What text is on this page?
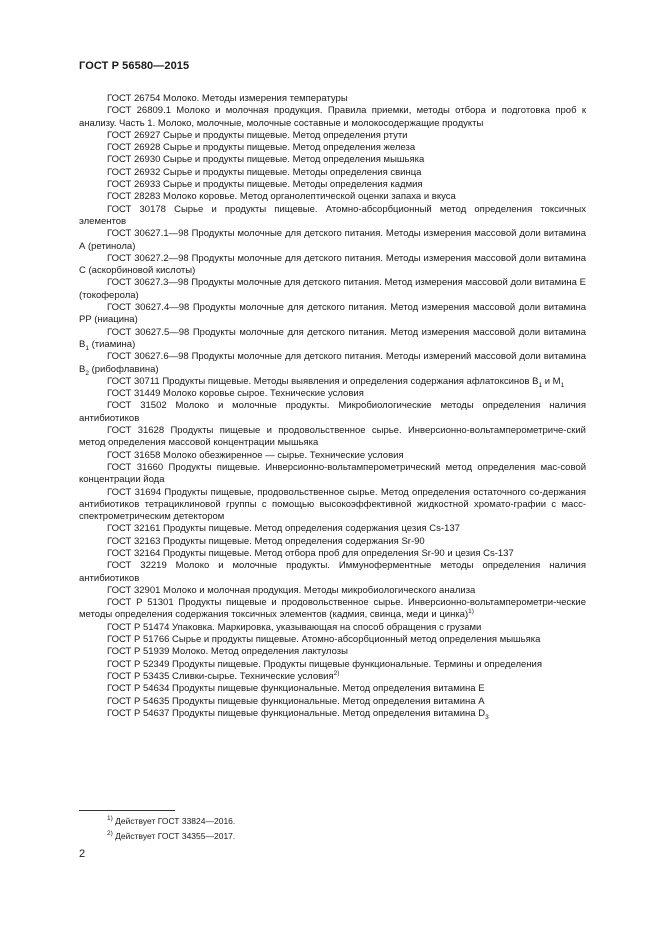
ГОСТ Р 56580—2015
ГОСТ 26754 Молоко. Методы измерения температуры
ГОСТ 26809.1 Молоко и молочная продукция. Правила приемки, методы отбора и подготовка проб к анализу. Часть 1. Молоко, молочные, молочные составные и молокосодержащие продукты
ГОСТ 26927 Сырье и продукты пищевые. Метод определения ртути
ГОСТ 26928 Сырье и продукты пищевые. Метод определения железа
ГОСТ 26930 Сырье и продукты пищевые. Метод определения мышьяка
ГОСТ 26932 Сырье и продукты пищевые. Методы определения свинца
ГОСТ 26933 Сырье и продукты пищевые. Методы определения кадмия
ГОСТ 28283 Молоко коровье. Метод органолептической оценки запаха и вкуса
ГОСТ 30178 Сырье и продукты пищевые. Атомно-абсорбционный метод определения токсичных элементов
ГОСТ 30627.1—98 Продукты молочные для детского питания. Методы измерения массовой доли витамина А (ретинола)
ГОСТ 30627.2—98 Продукты молочные для детского питания. Методы измерения массовой доли витамина С (аскорбиновой кислоты)
ГОСТ 30627.3—98 Продукты молочные для детского питания. Метод измерения массовой доли витамина Е (токоферола)
ГОСТ 30627.4—98 Продукты молочные для детского питания. Метод измерения массовой доли витамина РР (ниацина)
ГОСТ 30627.5—98 Продукты молочные для детского питания. Метод измерения массовой доли витамина $В_1$ (тиамина)
ГОСТ 30627.6—98 Продукты молочные для детского питания. Методы измерений массовой доли витамина $В_2$ (рибофлавина)
ГОСТ 30711 Продукты пищевые. Методы выявления и определения содержания афлатоксинов $В_1$ и $М_1$
ГОСТ 31449 Молоко коровье сырое. Технические условия
ГОСТ 31502 Молоко и молочные продукты. Микробиологические методы определения наличия антибиотиков
ГОСТ 31628 Продукты пищевые и продовольственное сырье. Инверсионно-вольтамперометриче-ский метод определения массовой концентрации мышьяка
ГОСТ 31658 Молоко обезжиренное — сырье. Технические условия
ГОСТ 31660 Продукты пищевые. Инверсионно-вольтамперометрический метод определения мас-совой концентрации йода
ГОСТ 31694 Продукты пищевые, продовольственное сырье. Метод определения остаточного со-держания антибиотиков тетрациклиновой группы с помощью высокоэффективной жидкостной хромато-графии с масс-спектрометрическим детектором
ГОСТ 32161 Продукты пищевые. Метод определения содержания цезия Cs-137
ГОСТ 32163 Продукты пищевые. Метод определения содержания Sr-90
ГОСТ 32164 Продукты пищевые. Метод отбора проб для определения Sr-90 и цезия Cs-137
ГОСТ 32219 Молоко и молочные продукты. Иммуноферментные методы определения наличия антибиотиков
ГОСТ 32901 Молоко и молочная продукция. Методы микробиологического анализа
ГОСТ Р 51301 Продукты пищевые и продовольственное сырье. Инверсионно-вольтамперометри-ческие методы определения содержания токсичных элементов (кадмия, свинца, меди и цинка)$^{1)}$
ГОСТ Р 51474 Упаковка. Маркировка, указывающая на способ обращения с грузами
ГОСТ Р 51766 Сырье и продукты пищевые. Атомно-абсорбционный метод определения мышьяка
ГОСТ Р 51939 Молоко. Метод определения лактулозы
ГОСТ Р 52349 Продукты пищевые. Продукты пищевые функциональные. Термины и определения
ГОСТ Р 53435 Сливки-сырье. Технические условия$^{2)}$
ГОСТ Р 54634 Продукты пищевые функциональные. Метод определения витамина Е
ГОСТ Р 54635 Продукты пищевые функциональные. Метод определения витамина А
ГОСТ Р 54637 Продукты пищевые функциональные. Метод определения витамина $D_3$
$^{1)}$ Действует ГОСТ 33824—2016.
$^{2)}$ Действует ГОСТ 34355—2017.
2
